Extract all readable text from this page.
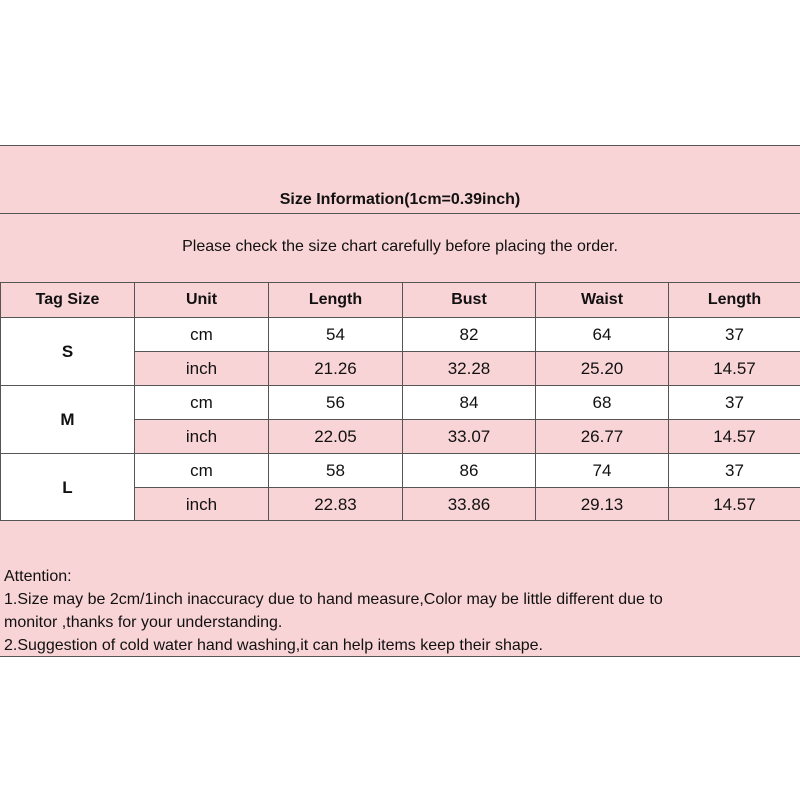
Size Information(1cm=0.39inch)
Please check the size chart carefully before placing the order.
Tag Size	Unit	Length	Bust	Waist	Length
S	cm	54	82	64	37
	inch	21.26	32.28	25.20	14.57
M	cm	56	84	68	37
	inch	22.05	33.07	26.77	14.57
L	cm	58	86	74	37
	inch	22.83	33.86	29.13	14.57

Attention:

1.Size may be 2cm/1inch inaccuracy due to hand measure,Color may be little different due to

monitor ,thanks for your understanding.

2.Suggestion of cold water hand washing,it can help items keep their shape.
